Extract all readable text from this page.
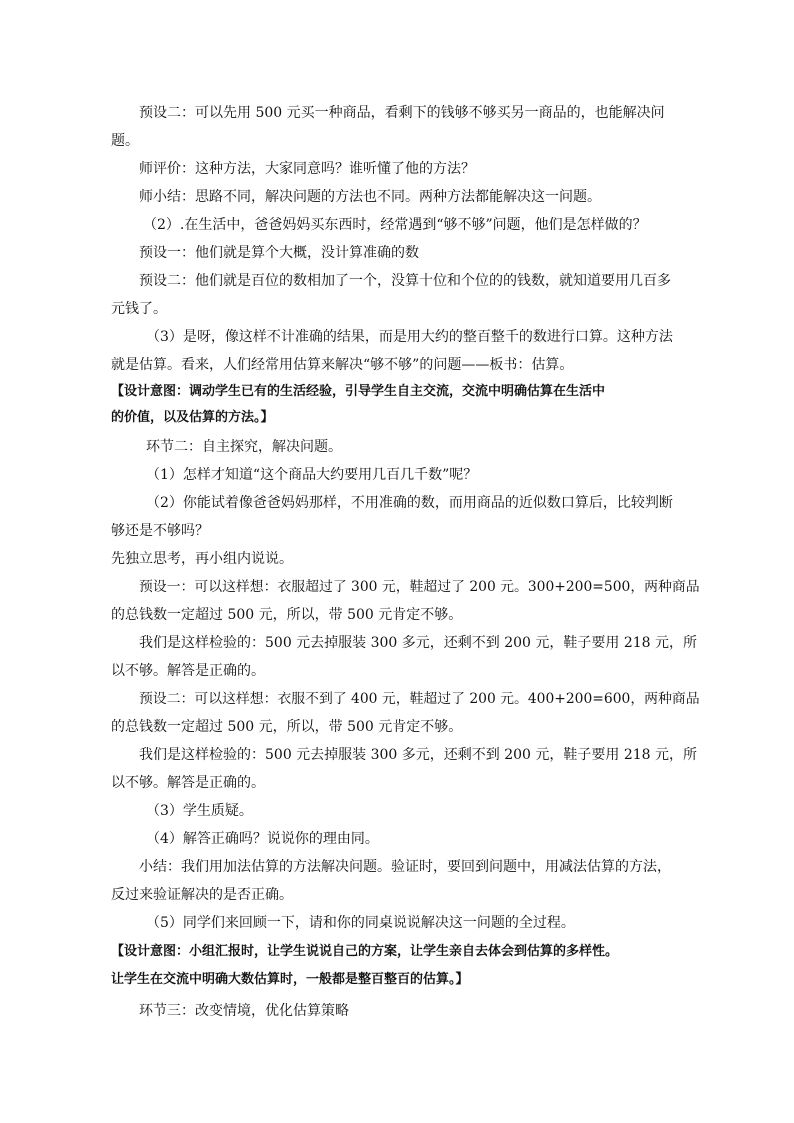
预设二：可以先用 500 元买一种商品，看剩下的钱够不够买另一商品的，也能解决问
题。
师评价：这种方法，大家同意吗？谁听懂了他的方法？
师小结：思路不同，解决问题的方法也不同。两种方法都能解决这一问题。
（2）.在生活中，爸爸妈妈买东西时，经常遇到“够不够”问题，他们是怎样做的？
预设一：他们就是算个大概，没计算准确的数
预设二：他们就是百位的数相加了一个，没算十位和个位的的钱数，就知道要用几百多
元钱了。
（3）是呀，像这样不计准确的结果，而是用大约的整百整千的数进行口算。这种方法
就是估算。看来，人们经常用估算来解决“够不够”的问题——板书：估算。
【设计意图：调动学生已有的生活经验，引导学生自主交流，交流中明确估算在生活中
的价值，以及估算的方法。】
环节二：自主探究，解决问题。
（1）怎样才知道“这个商品大约要用几百几千数”呢？
（2）你能试着像爸爸妈妈那样，不用准确的数，而用商品的近似数口算后，比较判断
够还是不够吗？
先独立思考，再小组内说说。
预设一：可以这样想：衣服超过了 300 元，鞋超过了 200 元。300+200=500，两种商品
的总钱数一定超过 500 元，所以，带 500 元肯定不够。
我们是这样检验的：500 元去掉服装 300 多元，还剩不到 200 元，鞋子要用 218 元，所
以不够。解答是正确的。
预设二：可以这样想：衣服不到了 400 元，鞋超过了 200 元。400+200=600，两种商品
的总钱数一定超过 500 元，所以，带 500 元肯定不够。
我们是这样检验的：500 元去掉服装 300 多元，还剩不到 200 元，鞋子要用 218 元，所
以不够。解答是正确的。
（3）学生质疑。
（4）解答正确吗？说说你的理由同。
小结：我们用加法估算的方法解决问题。验证时，要回到问题中，用减法估算的方法，
反过来验证解决的是否正确。
（5）同学们来回顾一下，请和你的同桌说说解决这一问题的全过程。
【设计意图：小组汇报时，让学生说说自己的方案，让学生亲自去体会到估算的多样性。
让学生在交流中明确大数估算时，一般都是整百整百的估算。】
环节三：改变情境，优化估算策略
